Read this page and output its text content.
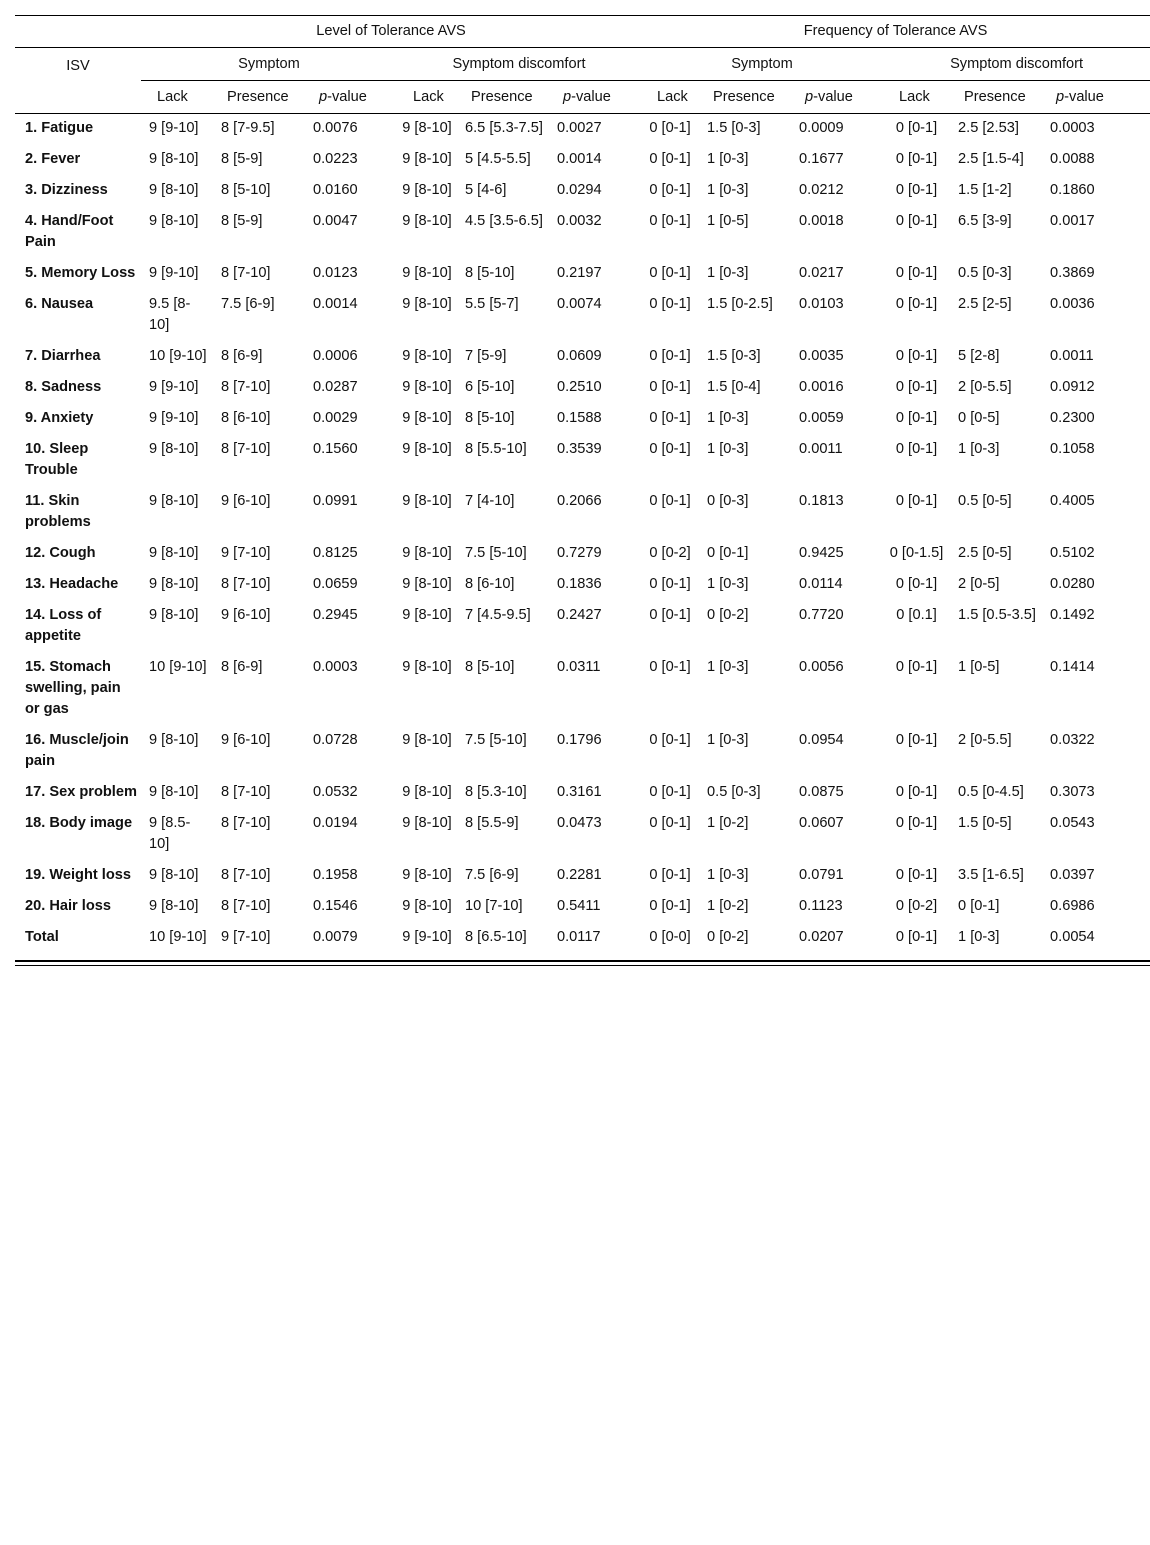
	Level of Tolerance AVS						Frequency of Tolerance AVS					
ISV	Symptom			Symptom discomfort			Symptom			Symptom discomfort		
	Lack	Presence	p-value	Lack	Presence	p-value	Lack	Presence	p-value	Lack	Presence	p-value
1. Fatigue	9 [9-10]	8 [7-9.5]	0.0076	9 [8-10]	6.5 [5.3-7.5]	0.0027	0 [0-1]	1.5 [0-3]	0.0009	0 [0-1]	2.5 [2.53]	0.0003
2. Fever	9 [8-10]	8 [5-9]	0.0223	9 [8-10]	5 [4.5-5.5]	0.0014	0 [0-1]	1 [0-3]	0.1677	0 [0-1]	2.5 [1.5-4]	0.0088
3. Dizziness	9 [8-10]	8 [5-10]	0.0160	9 [8-10]	5 [4-6]	0.0294	0 [0-1]	1 [0-3]	0.0212	0 [0-1]	1.5 [1-2]	0.1860
4. Hand/Foot Pain	9 [8-10]	8 [5-9]	0.0047	9 [8-10]	4.5 [3.5-6.5]	0.0032	0 [0-1]	1 [0-5]	0.0018	0 [0-1]	6.5 [3-9]	0.0017
5. Memory Loss	9 [9-10]	8 [7-10]	0.0123	9 [8-10]	8 [5-10]	0.2197	0 [0-1]	1 [0-3]	0.0217	0 [0-1]	0.5 [0-3]	0.3869
6. Nausea	9.5 [8-10]	7.5 [6-9]	0.0014	9 [8-10]	5.5 [5-7]	0.0074	0 [0-1]	1.5 [0-2.5]	0.0103	0 [0-1]	2.5 [2-5]	0.0036
7. Diarrhea	10 [9-10]	8 [6-9]	0.0006	9 [8-10]	7 [5-9]	0.0609	0 [0-1]	1.5 [0-3]	0.0035	0 [0-1]	5 [2-8]	0.0011
8. Sadness	9 [9-10]	8 [7-10]	0.0287	9 [8-10]	6 [5-10]	0.2510	0 [0-1]	1.5 [0-4]	0.0016	0 [0-1]	2 [0-5.5]	0.0912
9. Anxiety	9 [9-10]	8 [6-10]	0.0029	9 [8-10]	8 [5-10]	0.1588	0 [0-1]	1 [0-3]	0.0059	0 [0-1]	0 [0-5]	0.2300
10. Sleep Trouble	9 [8-10]	8 [7-10]	0.1560	9 [8-10]	8 [5.5-10]	0.3539	0 [0-1]	1 [0-3]	0.0011	0 [0-1]	1 [0-3]	0.1058
11. Skin problems	9 [8-10]	9 [6-10]	0.0991	9 [8-10]	7 [4-10]	0.2066	0 [0-1]	0 [0-3]	0.1813	0 [0-1]	0.5 [0-5]	0.4005
12. Cough	9 [8-10]	9 [7-10]	0.8125	9 [8-10]	7.5 [5-10]	0.7279	0 [0-2]	0 [0-1]	0.9425	0 [0-1.5]	2.5 [0-5]	0.5102
13. Headache	9 [8-10]	8 [7-10]	0.0659	9 [8-10]	8 [6-10]	0.1836	0 [0-1]	1 [0-3]	0.0114	0 [0-1]	2 [0-5]	0.0280
14. Loss of appetite	9 [8-10]	9 [6-10]	0.2945	9 [8-10]	7 [4.5-9.5]	0.2427	0 [0-1]	0 [0-2]	0.7720	0 [0.1]	1.5 [0.5-3.5]	0.1492
15. Stomach swelling, pain or gas	10 [9-10]	8 [6-9]	0.0003	9 [8-10]	8 [5-10]	0.0311	0 [0-1]	1 [0-3]	0.0056	0 [0-1]	1 [0-5]	0.1414
16. Muscle/join pain	9 [8-10]	9 [6-10]	0.0728	9 [8-10]	7.5 [5-10]	0.1796	0 [0-1]	1 [0-3]	0.0954	0 [0-1]	2 [0-5.5]	0.0322
17. Sex problem	9 [8-10]	8 [7-10]	0.0532	9 [8-10]	8 [5.3-10]	0.3161	0 [0-1]	0.5 [0-3]	0.0875	0 [0-1]	0.5 [0-4.5]	0.3073
18. Body image	9 [8.5-10]	8 [7-10]	0.0194	9 [8-10]	8 [5.5-9]	0.0473	0 [0-1]	1 [0-2]	0.0607	0 [0-1]	1.5 [0-5]	0.0543
19. Weight loss	9 [8-10]	8 [7-10]	0.1958	9 [8-10]	7.5 [6-9]	0.2281	0 [0-1]	1 [0-3]	0.0791	0 [0-1]	3.5 [1-6.5]	0.0397
20. Hair loss	9 [8-10]	8 [7-10]	0.1546	9 [8-10]	10 [7-10]	0.5411	0 [0-1]	1 [0-2]	0.1123	0 [0-2]	0 [0-1]	0.6986
Total	10 [9-10]	9 [7-10]	0.0079	9 [9-10]	8 [6.5-10]	0.0117	0 [0-0]	0 [0-2]	0.0207	0 [0-1]	1 [0-3]	0.0054
